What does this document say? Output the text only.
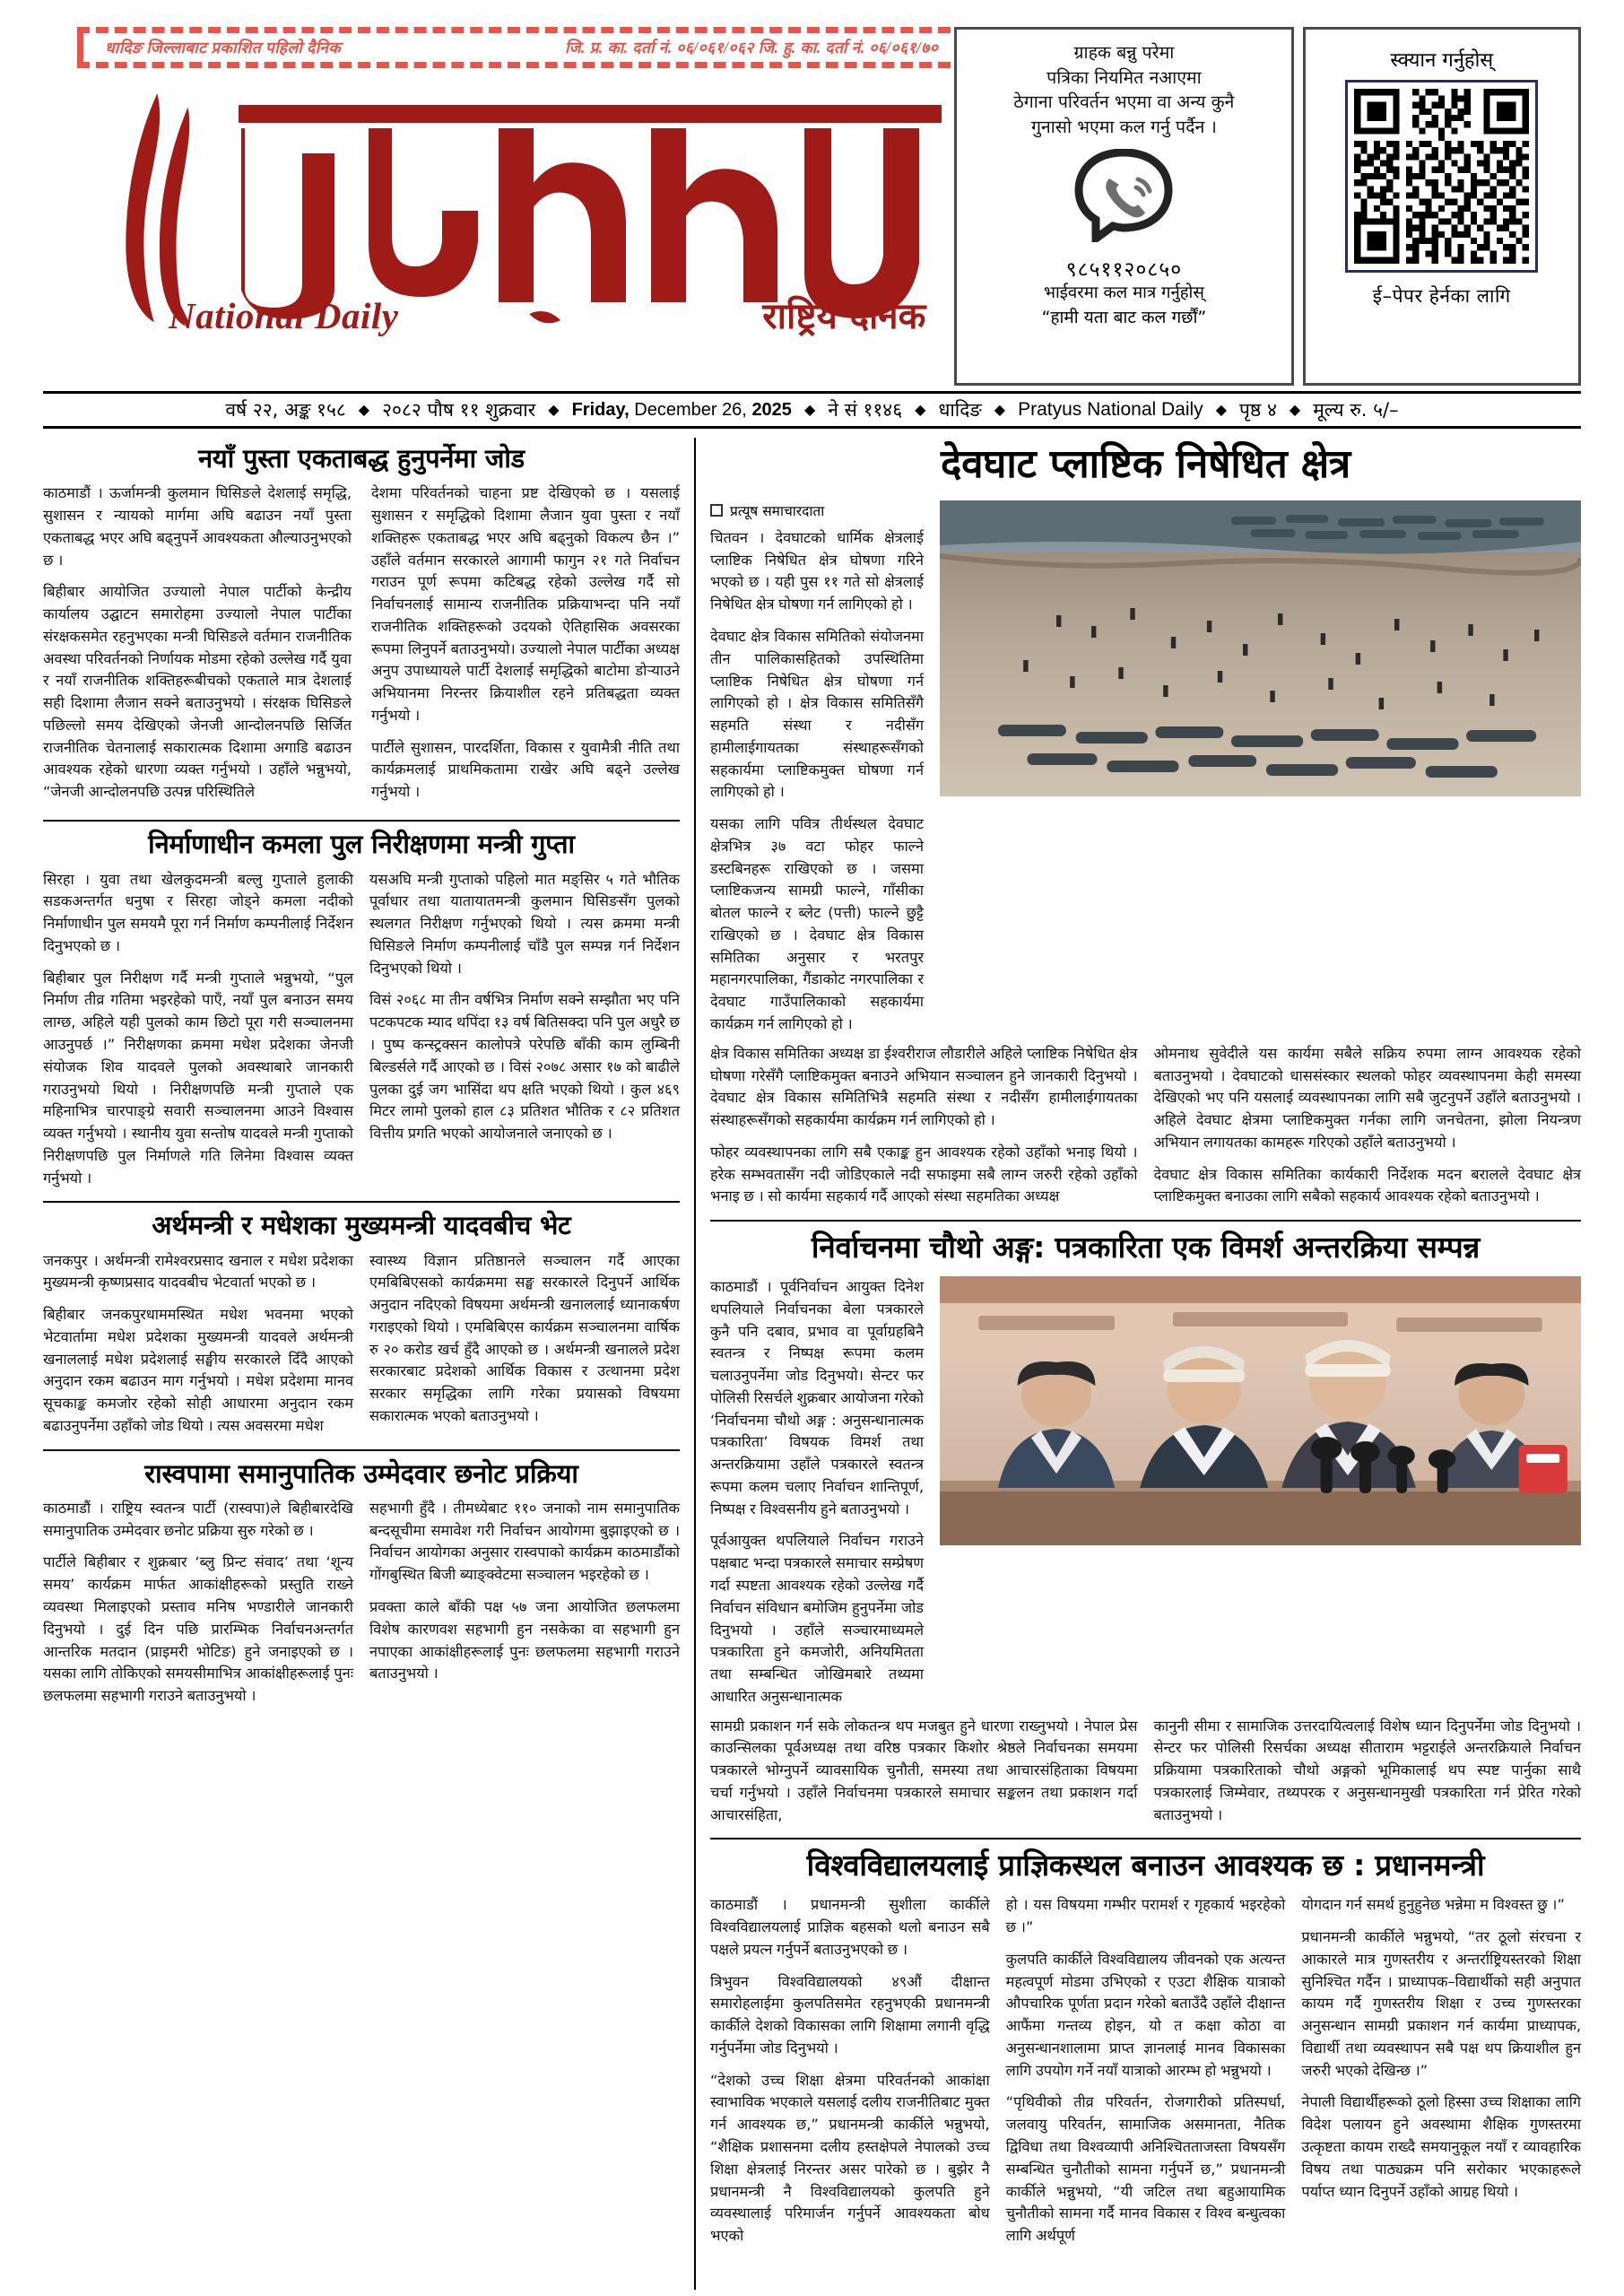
धादिङ जिल्लाबाट प्रकाशित पहिलो दैनिक	जि. प्र. का. दर्ता नं. ०६/०६१/०६२ जि. हु. का. दर्ता नं. ०६/०६१/७०
National Daily	राष्ट्रिय दैनिक
ग्राहक बन्नु परेमा
पत्रिका नियमित नआएमा
ठेगाना परिवर्तन भएमा वा अन्य कुनै
गुनासो भएमा कल गर्नु पर्दैन ।
९८५११२०८५०
भाईवरमा कल मात्र गर्नुहोस्
“हामी यता बाट कल गर्छौं”
स्क्यान गर्नुहोस्
ई–पेपर हेर्नका लागि
वर्ष २२, अङ्क १५८ ◆ २०८२ पौष ११ शुक्रवार ◆ Friday, December 26, 2025 ◆ ने सं ११४६ ◆ धादिङ ◆ Pratyus National Daily ◆ पृष्ठ ४ ◆ मूल्य रु. ५/–
नयाँ पुस्ता एकताबद्ध हुनुपर्नेमा जोड

काठमाडौं । ऊर्जामन्त्री कुलमान घिसिङले देशलाई समृद्धि, सुशासन र न्यायको मार्गमा अघि बढाउन नयाँ पुस्ता एकताबद्ध भएर अघि बढ्नुपर्ने आवश्यकता औल्याउनुभएको छ ।

बिहीबार आयोजित उज्यालो नेपाल पार्टीको केन्द्रीय कार्यालय उद्घाटन समारोहमा उज्यालो नेपाल पार्टीका संरक्षकसमेत रहनुभएका मन्त्री घिसिङले वर्तमान राजनीतिक अवस्था परिवर्तनको निर्णायक मोडमा रहेको उल्लेख गर्दै युवा र नयाँ राजनीतिक शक्तिहरूबीचको एकताले मात्र देशलाई सही दिशामा लैजान सक्ने बताउनुभयो । संरक्षक घिसिङले पछिल्लो समय देखिएको जेनजी आन्दोलनपछि सिर्जित राजनीतिक चेतनालाई सकारात्मक दिशामा अगाडि बढाउन आवश्यक रहेको धारणा व्यक्त गर्नुभयो । उहाँले भन्नुभयो, “जेनजी आन्दोलनपछि उत्पन्न परिस्थितिले

देशमा परिवर्तनको चाहना प्रष्ट देखिएको छ । यसलाई सुशासन र समृद्धिको दिशामा लैजान युवा पुस्ता र नयाँ शक्तिहरू एकताबद्ध भएर अघि बढ्नुको विकल्प छैन ।” उहाँले वर्तमान सरकारले आगामी फागुन २१ गते निर्वाचन गराउन पूर्ण रूपमा कटिबद्ध रहेको उल्लेख गर्दै सो निर्वाचनलाई सामान्य राजनीतिक प्रक्रियाभन्दा पनि नयाँ राजनीतिक शक्तिहरूको उदयको ऐतिहासिक अवसरका रूपमा लिनुपर्ने बताउनुभयो। उज्यालो नेपाल पार्टीका अध्यक्ष अनुप उपाध्यायले पार्टी देशलाई समृद्धिको बाटोमा डोऱ्याउने अभियानमा निरन्तर क्रियाशील रहने प्रतिबद्धता व्यक्त गर्नुभयो ।

पार्टीले सुशासन, पारदर्शिता, विकास र युवामैत्री नीति तथा कार्यक्रमलाई प्राथमिकतामा राखेर अघि बढ्ने उल्लेख गर्नुभयो ।

निर्माणाधीन कमला पुल निरीक्षणमा मन्त्री गुप्ता

सिरहा । युवा तथा खेलकुदमन्त्री बल्लु गुप्ताले हुलाकी सडकअन्तर्गत धनुषा र सिरहा जोड्ने कमला नदीको निर्माणाधीन पुल समयमै पूरा गर्न निर्माण कम्पनीलाई निर्देशन दिनुभएको छ ।

बिहीबार पुल निरीक्षण गर्दै मन्त्री गुप्ताले भन्नुभयो, “पुल निर्माण तीव्र गतिमा भइरहेको पाएँ, नयाँ पुल बनाउन समय लाग्छ, अहिले यही पुलको काम छिटो पूरा गरी सञ्चालनमा आउनुपर्छ ।” निरीक्षणका क्रममा मधेश प्रदेशका जेनजी संयोजक शिव यादवले पुलको अवस्थाबारे जानकारी गराउनुभयो थियो । निरीक्षणपछि मन्त्री गुप्ताले एक महिनाभित्र चारपाङ्ग्रे सवारी सञ्चालनमा आउने विश्वास व्यक्त गर्नुभयो । स्थानीय युवा सन्तोष यादवले मन्त्री गुप्ताको निरीक्षणपछि पुल निर्माणले गति लिनेमा विश्वास व्यक्त गर्नुभयो ।

यसअघि मन्त्री गुप्ताको पहिलो मात मङ्सिर ५ गते भौतिक पूर्वाधार तथा यातायातमन्त्री कुलमान घिसिङसँग पुलको स्थलगत निरीक्षण गर्नुभएको थियो । त्यस क्रममा मन्त्री घिसिङले निर्माण कम्पनीलाई चाँडै पुल सम्पन्न गर्न निर्देशन दिनुभएको थियो ।

विसं २०६८ मा तीन वर्षभित्र निर्माण सक्ने सम्झौता भए पनि पटकपटक म्याद थपिंदा १३ वर्ष बितिसक्दा पनि पुल अधुरै छ । पुष्प कन्स्ट्रक्सन कालोपत्रे परेपछि बाँकी काम लुम्बिनी बिल्डर्सले गर्दै आएको छ । विसं २०७८ असार १७ को बाढीले पुलका दुई जग भासिंदा थप क्षति भएको थियो । कुल ४६९ मिटर लामो पुलको हाल ८३ प्रतिशत भौतिक र ८२ प्रतिशत वित्तीय प्रगति भएको आयोजनाले जनाएको छ ।

अर्थमन्त्री र मधेशका मुख्यमन्त्री यादवबीच भेट

जनकपुर । अर्थमन्त्री रामेश्वरप्रसाद खनाल र मधेश प्रदेशका मुख्यमन्त्री कृष्णप्रसाद यादवबीच भेटवार्ता भएको छ ।

बिहीबार जनकपुरधाममस्थित मधेश भवनमा भएको भेटवार्तामा मधेश प्रदेशका मुख्यमन्त्री यादवले अर्थमन्त्री खनाललाई मधेश प्रदेशलाई सङ्घीय सरकारले दिँदै आएको अनुदान रकम बढाउन माग गर्नुभयो । मधेश प्रदेशमा मानव सूचकाङ्क कमजोर रहेको सोही आधारमा अनुदान रकम बढाउनुपर्नेमा उहाँको जोड थियो । त्यस अवसरमा मधेश

स्वास्थ्य विज्ञान प्रतिष्ठानले सञ्चालन गर्दै आएका एमबिबिएसको कार्यक्रममा सङ्घ सरकारले दिनुपर्ने आर्थिक अनुदान नदिएको विषयमा अर्थमन्त्री खनाललाई ध्यानाकर्षण गराइएको थियो । एमबिबिएस कार्यक्रम सञ्चालनमा वार्षिक रु २० करोड खर्च हुँदै आएको छ । अर्थमन्त्री खनालले प्रदेश सरकारबाट प्रदेशको आर्थिक विकास र उत्थानमा प्रदेश सरकार समृद्धिका लागि गरेका प्रयासको विषयमा सकारात्मक भएको बताउनुभयो ।

रास्वपामा समानुपातिक उम्मेदवार छनोट प्रक्रिया

काठमाडौं । राष्ट्रिय स्वतन्त्र पार्टी (रास्वपा)ले बिहीबारदेखि समानुपातिक उम्मेदवार छनोट प्रक्रिया सुरु गरेको छ ।

पार्टीले बिहीबार र शुक्रबार ‘ब्लु प्रिन्ट संवाद’ तथा ‘शून्य समय’ कार्यक्रम मार्फत आकांक्षीहरूको प्रस्तुति राख्ने व्यवस्था मिलाइएको प्रस्ताव मनिष भण्डारीले जानकारी दिनुभयो । दुई दिन पछि प्रारम्भिक निर्वाचनअन्तर्गत आन्तरिक मतदान (प्राइमरी भोटिङ) हुने जनाइएको छ । यसका लागि तोकिएको समयसीमाभित्र आकांक्षीहरूलाई पुनः छलफलमा सहभागी गराउने बताउनुभयो ।

सहभागी हुँदै । तीमध्येबाट ११० जनाको नाम समानुपातिक बन्दसूचीमा समावेश गरी निर्वाचन आयोगमा बुझाइएको छ । निर्वाचन आयोगका अनुसार रास्वपाको कार्यक्रम काठमाडौंको गोंगबुस्थित बिजी ब्याङ्क्वेटमा सञ्चालन भइरहेको छ ।

प्रवक्ता काले बाँकी पक्ष ५७ जना आयोजित छलफलमा विशेष कारणवश सहभागी हुन नसकेका वा सहभागी हुन नपाएका आकांक्षीहरूलाई पुनः छलफलमा सहभागी गराउने बताउनुभयो ।

देवघाट प्लाष्टिक निषेधित क्षेत्र
प्रत्यूष समाचारदाता

चितवन । देवघाटको धार्मिक क्षेत्रलाई प्लाष्टिक निषेधित क्षेत्र घोषणा गरिने भएको छ । यही पुस ११ गते सो क्षेत्रलाई निषेधित क्षेत्र घोषणा गर्न लागिएको हो ।

देवघाट क्षेत्र विकास समितिको संयोजनमा तीन पालिकासहितको उपस्थितिमा प्लाष्टिक निषेधित क्षेत्र घोषणा गर्न लागिएको हो । क्षेत्र विकास समितिसँगै सहमति संस्था र नदीसँग हामीलाईगायतका संस्थाहरूसँगको सहकार्यमा प्लाष्टिकमुक्त घोषणा गर्न लागिएको हो ।

यसका लागि पवित्र तीर्थस्थल देवघाट क्षेत्रभित्र ३७ वटा फोहर फाल्ने डस्टबिनहरू राखिएको छ । जसमा प्लाष्टिकजन्य सामग्री फाल्ने, गाँसीका बोतल फाल्ने र ब्लेट (पत्ती) फाल्ने छुट्टै राखिएको छ । देवघाट क्षेत्र विकास समितिका अनुसार र भरतपुर महानगरपालिका, गैंडाकोट नगरपालिका र देवघाट गाउँपालिकाको सहकार्यमा कार्यक्रम गर्न लागिएको हो ।

क्षेत्र विकास समितिका अध्यक्ष डा ईश्वरीराज लौडारीले अहिले प्लाष्टिक निषेधित क्षेत्र घोषणा गरेसँगै प्लाष्टिकमुक्त बनाउने अभियान सञ्चालन हुने जानकारी दिनुभयो । देवघाट क्षेत्र विकास समितिभित्रै सहमति संस्था र नदीसँग हामीलाईगायतका संस्थाहरूसँगको सहकार्यमा कार्यक्रम गर्न लागिएको हो ।

फोहर व्यवस्थापनका लागि सबै एकाङ्क हुन आवश्यक रहेको उहाँको भनाइ थियो । हरेक सम्भवतासँग नदी जोडिएकाले नदी सफाइमा सबै लाग्न जरुरी रहेको उहाँको भनाइ छ । सो कार्यमा सहकार्य गर्दै आएको संस्था सहमतिका अध्यक्ष

ओमनाथ सुवेदीले यस कार्यमा सबैले सक्रिय रुपमा लाग्न आवश्यक रहेको बताउनुभयो । देवघाटको धाससंस्कार स्थलको फोहर व्यवस्थापनमा केही समस्या देखिएको भए पनि यसलाई व्यवस्थापनका लागि सबै जुटनुपर्ने उहाँले बताउनुभयो । अहिले देवघाट क्षेत्रमा प्लाष्टिकमुक्त गर्नका लागि जनचेतना, झोला नियन्त्रण अभियान लगायतका कामहरू गरिएको उहाँले बताउनुभयो ।

देवघाट क्षेत्र विकास समितिका कार्यकारी निर्देशक मदन बरालले देवघाट क्षेत्र प्लाष्टिकमुक्त बनाउका लागि सबैको सहकार्य आवश्यक रहेको बताउनुभयो ।

निर्वाचनमा चौथो अङ्ग: पत्रकारिता एक विमर्श अन्तरक्रिया सम्पन्न

काठमाडौं । पूर्वनिर्वाचन आयुक्त दिनेश थपलियाले निर्वाचनका बेला पत्रकारले कुनै पनि दबाव, प्रभाव वा पूर्वाग्रहबिनै स्वतन्त्र र निष्पक्ष रूपमा कलम चलाउनुपर्नेमा जोड दिनुभयो। सेन्टर फर पोलिसी रिसर्चले शुक्रबार आयोजना गरेको ‘निर्वाचनमा चौथो अङ्ग : अनुसन्धानात्मक पत्रकारिता’ विषयक विमर्श तथा अन्तरक्रियामा उहाँले पत्रकारले स्वतन्त्र रूपमा कलम चलाए निर्वाचन शान्तिपूर्ण, निष्पक्ष र विश्वसनीय हुने बताउनुभयो ।

पूर्वआयुक्त थपलियाले निर्वाचन गराउने पक्षबाट भन्दा पत्रकारले समाचार सम्प्रेषण गर्दा स्पष्टता आवश्यक रहेको उल्लेख गर्दै निर्वाचन संविधान बमोजिम हुनुपर्नेमा जोड दिनुभयो । उहाँले सञ्चारमाध्यमले पत्रकारिता हुने कमजोरी, अनियमितता तथा सम्बन्धित जोखिमबारे तथ्यमा आधारित अनुसन्धानात्मक

सामग्री प्रकाशन गर्न सके लोकतन्त्र थप मजबुत हुने धारणा राख्नुभयो । नेपाल प्रेस काउन्सिलका पूर्वअध्यक्ष तथा वरिष्ठ पत्रकार किशोर श्रेष्ठले निर्वाचनका समयमा पत्रकारले भोग्नुपर्ने व्यावसायिक चुनौती, समस्या तथा आचारसंहिताका विषयमा चर्चा गर्नुभयो । उहाँले निर्वाचनमा पत्रकारले समाचार सङ्कलन तथा प्रकाशन गर्दा आचारसंहिता,

कानुनी सीमा र सामाजिक उत्तरदायित्वलाई विशेष ध्यान दिनुपर्नेमा जोड दिनुभयो । सेन्टर फर पोलिसी रिसर्चका अध्यक्ष सीताराम भट्टराईले अन्तरक्रियाले निर्वाचन प्रक्रियामा पत्रकारिताको चौथो अङ्गको भूमिकालाई थप स्पष्ट पार्नुका साथै पत्रकारलाई जिम्मेवार, तथ्यपरक र अनुसन्धानमुखी पत्रकारिता गर्न प्रेरित गरेको बताउनुभयो ।

विश्वविद्यालयलाई प्राज्ञिकस्थल बनाउन आवश्यक छ : प्रधानमन्त्री

काठमाडौं । प्रधानमन्त्री सुशीला कार्कीले विश्वविद्यालयलाई प्राज्ञिक बहसको थलो बनाउन सबै पक्षले प्रयत्न गर्नुपर्ने बताउनुभएको छ ।

त्रिभुवन विश्वविद्यालयको ४९औं दीक्षान्त समारोहलाईमा कुलपतिसमेत रहनुभएकी प्रधानमन्त्री कार्कीले देशको विकासका लागि शिक्षामा लगानी वृद्धि गर्नुपर्नेमा जोड दिनुभयो ।

“देशको उच्च शिक्षा क्षेत्रमा परिवर्तनको आकांक्षा स्वाभाविक भएकाले यसलाई दलीय राजनीतिबाट मुक्त गर्न आवश्यक छ,” प्रधानमन्त्री कार्कीले भन्नुभयो, “शैक्षिक प्रशासनमा दलीय हस्तक्षेपले नेपालको उच्च शिक्षा क्षेत्रलाई निरन्तर असर पारेको छ । बुझेर नै प्रधानमन्त्री नै विश्वविद्यालयको कुलपति हुने व्यवस्थालाई परिमार्जन गर्नुपर्ने आवश्यकता बोध भएको

हो । यस विषयमा गम्भीर परामर्श र गृहकार्य भइरहेको छ ।”

कुलपति कार्कीले विश्वविद्यालय जीवनको एक अत्यन्त महत्वपूर्ण मोडमा उभिएको र एउटा शैक्षिक यात्राको औपचारिक पूर्णता प्रदान गरेको बताउँदै उहाँले दीक्षान्त आफैंमा गन्तव्य होइन, यो त कक्षा कोठा वा अनुसन्धानशालामा प्राप्त ज्ञानलाई मानव विकासका लागि उपयोग गर्ने नयाँ यात्राको आरम्भ हो भन्नुभयो ।

“पृथिवीको तीव्र परिवर्तन, रोजगारीको प्रतिस्पर्धा, जलवायु परिवर्तन, सामाजिक असमानता, नैतिक द्विविधा तथा विश्वव्यापी अनिश्चितताजस्ता विषयसँग सम्बन्धित चुनौतीको सामना गर्नुपर्ने छ,” प्रधानमन्त्री कार्कीले भन्नुभयो, “यी जटिल तथा बहुआयामिक चुनौतीको सामना गर्दै मानव विकास र विश्व बन्धुत्वका लागि अर्थपूर्ण

योगदान गर्न समर्थ हुनुहुनेछ भन्नेमा म विश्वस्त छु ।”

प्रधानमन्त्री कार्कीले भन्नुभयो, “तर ठूलो संरचना र आकारले मात्र गुणस्तरीय र अन्तर्राष्ट्रियस्तरको शिक्षा सुनिश्चित गर्दैन । प्राध्यापक–विद्यार्थीको सही अनुपात कायम गर्दै गुणस्तरीय शिक्षा र उच्च गुणस्तरका अनुसन्धान सामग्री प्रकाशन गर्न कार्यमा प्राध्यापक, विद्यार्थी तथा व्यवस्थापन सबै पक्ष थप क्रियाशील हुन जरुरी भएको देखिन्छ ।”

नेपाली विद्यार्थीहरूको ठूलो हिस्सा उच्च शिक्षाका लागि विदेश पलायन हुने अवस्थामा शैक्षिक गुणस्तरमा उत्कृष्टता कायम राख्दै समयानुकूल नयाँ र व्यावहारिक विषय तथा पाठ्यक्रम पनि सरोकार भएकाहरूले पर्याप्त ध्यान दिनुपर्ने उहाँको आग्रह थियो ।
